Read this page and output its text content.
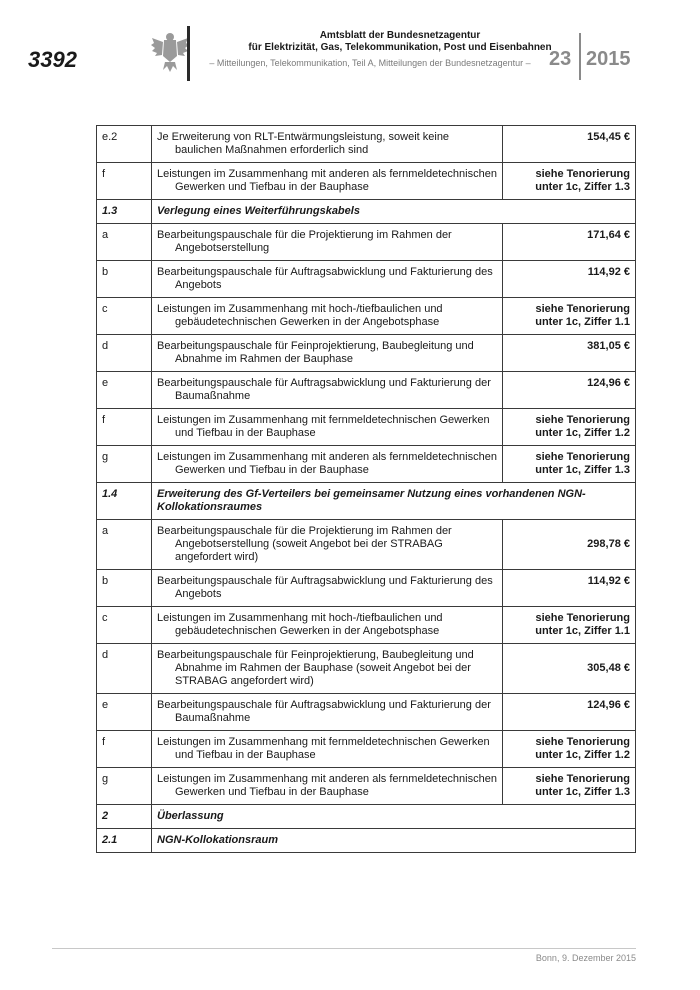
3392
Amtsblatt der Bundesnetzagentur
für Elektrizität, Gas, Telekommunikation, Post und Eisenbahnen
– Mitteilungen, Telekommunikation, Teil A, Mitteilungen der Bundesnetzagentur – 23 2015
e.2	Je Erweiterung von RLT-Entwärmungsleistung, soweit keine baulichen Maßnahmen erforderlich sind	154,45 €
f	Leistungen im Zusammenhang mit anderen als fernmeldetechnischen Gewerken und Tiefbau in der Bauphase	siehe Tenorierung unter 1c, Ziffer 1.3
1.3	Verlegung eines Weiterführungskabels	
a	Bearbeitungspauschale für die Projektierung im Rahmen der Angebotserstellung	171,64 €
b	Bearbeitungspauschale für Auftragsabwicklung und Fakturierung des Angebots	114,92 €
c	Leistungen im Zusammenhang mit hoch-/tiefbaulichen und gebäudetechnischen Gewerken in der Angebotsphase	siehe Tenorierung unter 1c, Ziffer 1.1
d	Bearbeitungspauschale für Feinprojektierung, Baubegleitung und Abnahme im Rahmen der Bauphase	381,05 €
e	Bearbeitungspauschale für Auftragsabwicklung und Fakturierung der Baumaßnahme	124,96 €
f	Leistungen im Zusammenhang mit fernmeldetechnischen Gewerken und Tiefbau in der Bauphase	siehe Tenorierung unter 1c, Ziffer 1.2
g	Leistungen im Zusammenhang mit anderen als fernmeldetechnischen Gewerken und Tiefbau in der Bauphase	siehe Tenorierung unter 1c, Ziffer 1.3
1.4	Erweiterung des Gf-Verteilers bei gemeinsamer Nutzung eines vorhandenen NGN-Kollokationsraumes	
a	Bearbeitungspauschale für die Projektierung im Rahmen der Angebotserstellung (soweit Angebot bei der STRABAG angefordert wird)	298,78 €
b	Bearbeitungspauschale für Auftragsabwicklung und Fakturierung des Angebots	114,92 €
c	Leistungen im Zusammenhang mit hoch-/tiefbaulichen und gebäudetechnischen Gewerken in der Angebotsphase	siehe Tenorierung unter 1c, Ziffer 1.1
d	Bearbeitungspauschale für Feinprojektierung, Baubegleitung und Abnahme im Rahmen der Bauphase (soweit Angebot bei der STRABAG angefordert wird)	305,48 €
e	Bearbeitungspauschale für Auftragsabwicklung und Fakturierung der Baumaßnahme	124,96 €
f	Leistungen im Zusammenhang mit fernmeldetechnischen Gewerken und Tiefbau in der Bauphase	siehe Tenorierung unter 1c, Ziffer 1.2
g	Leistungen im Zusammenhang mit anderen als fernmeldetechnischen Gewerken und Tiefbau in der Bauphase	siehe Tenorierung unter 1c, Ziffer 1.3
2	Überlassung	
2.1	NGN-Kollokationsraum	
Bonn, 9. Dezember 2015
